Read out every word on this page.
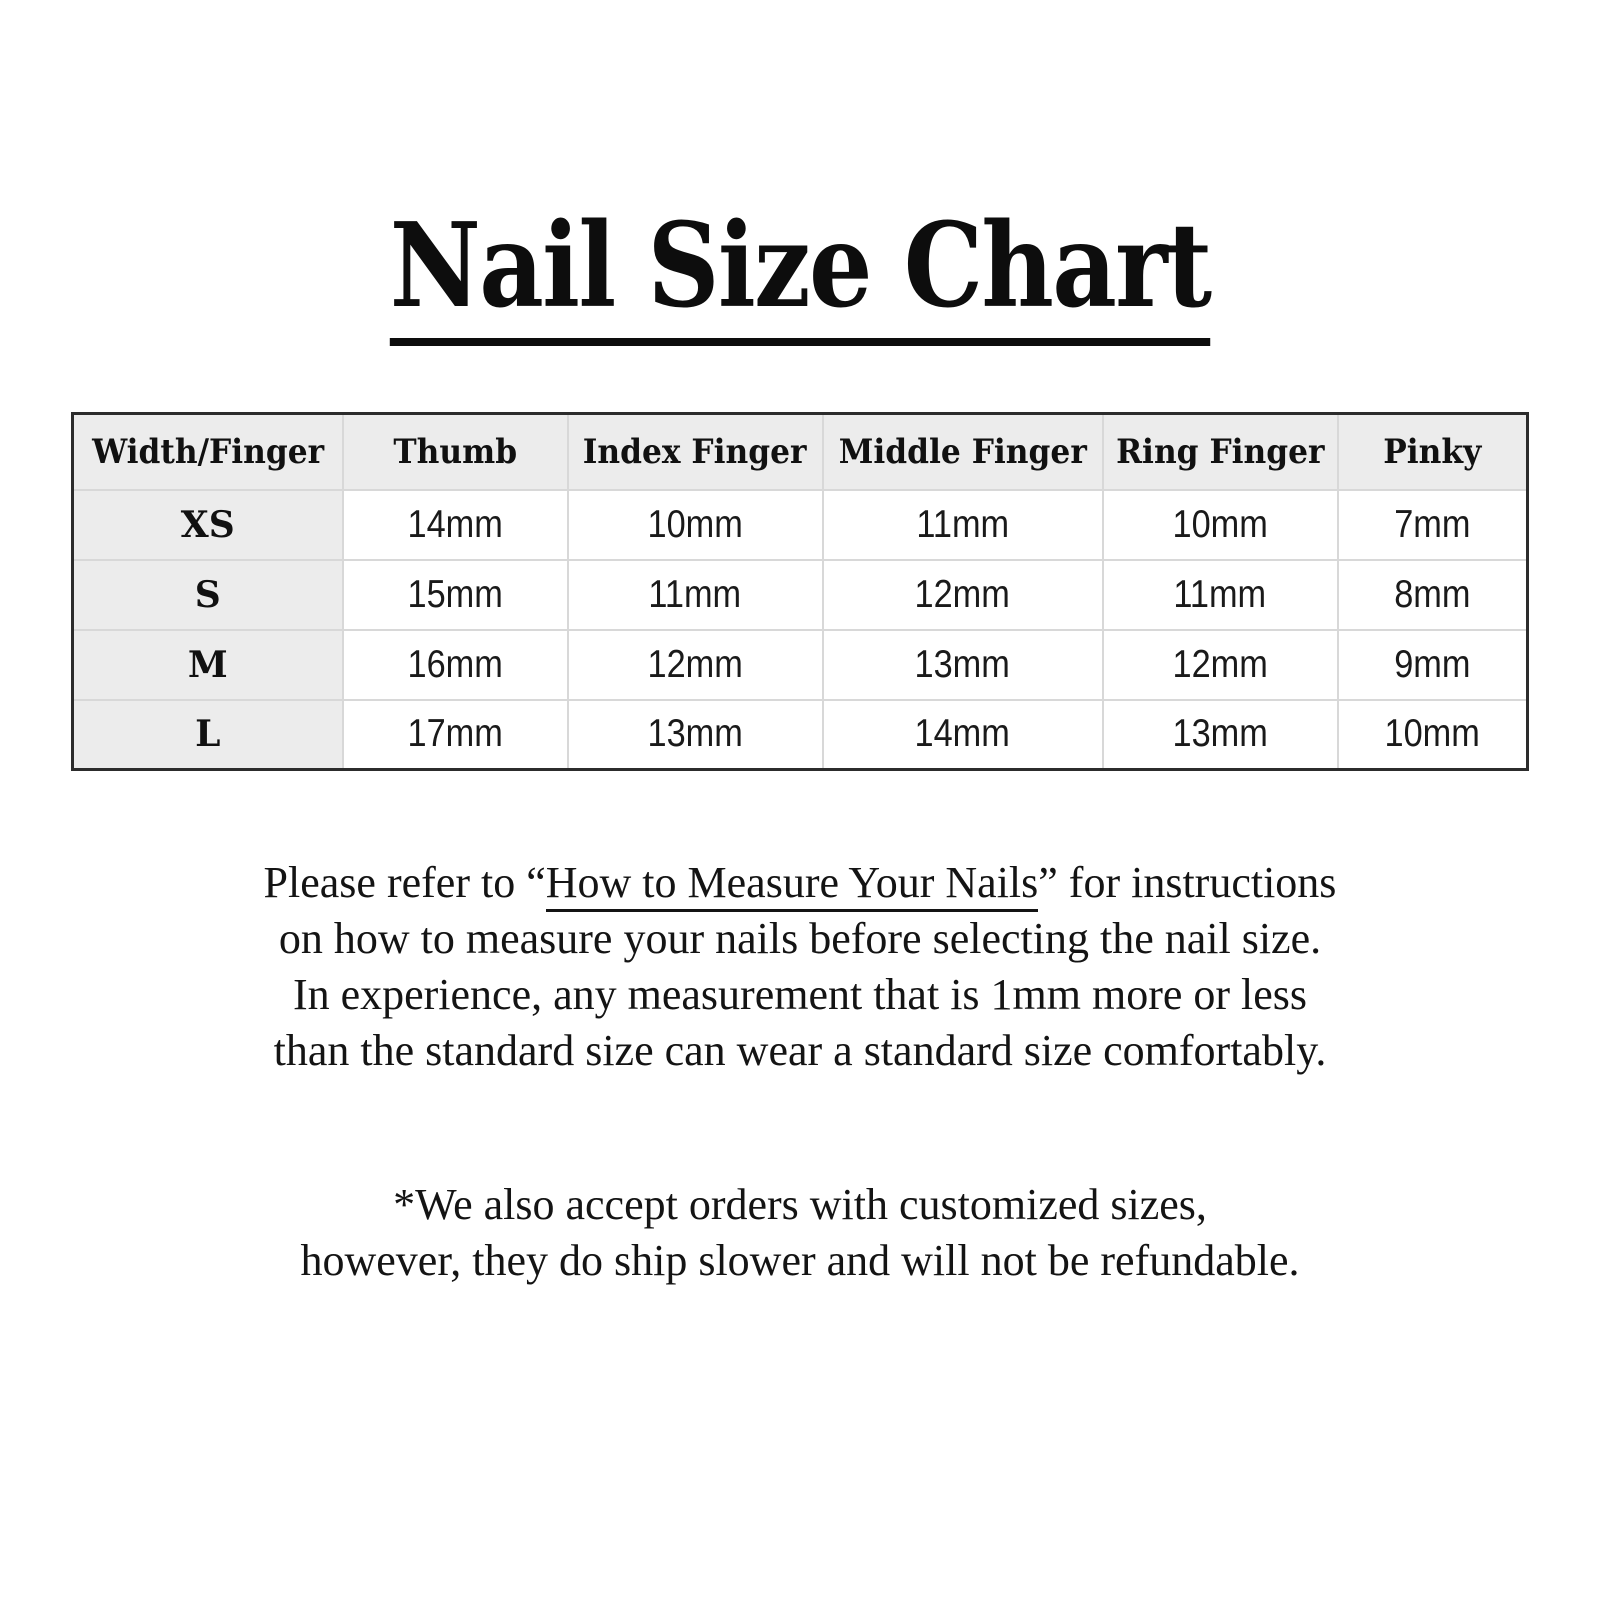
Nail Size Chart
Width/Finger	Thumb	Index Finger	Middle Finger	Ring Finger	Pinky
XS	14mm	10mm	11mm	10mm	7mm
S	15mm	11mm	12mm	11mm	8mm
M	16mm	12mm	13mm	12mm	9mm
L	17mm	13mm	14mm	13mm	10mm
Please refer to “How to Measure Your Nails” for instructions
on how to measure your nails before selecting the nail size.
In experience, any measurement that is 1mm more or less
than the standard size can wear a standard size comfortably.
*We also accept orders with customized sizes,
however, they do ship slower and will not be refundable.
